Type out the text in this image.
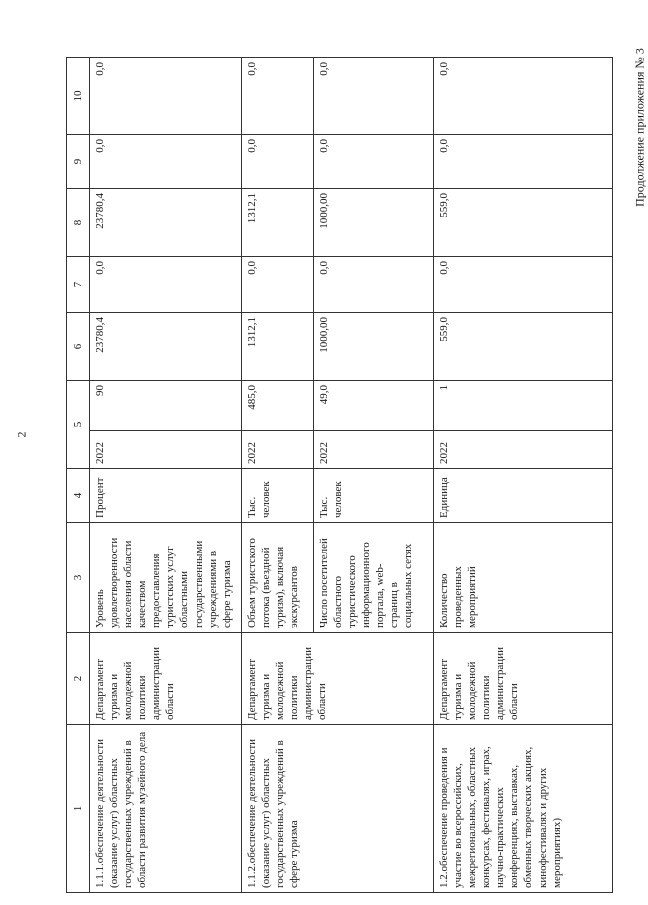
2
Продолжение приложения № 3
1	2	3	4	5		6	7	8	9	10
1.1.1.обеспечение деятельности (оказание услуг) областных государственных учреждений в области развития музейного дела	Департамент туризма и молодежной политики администрации области	Уровень удовлетворенности населения области качеством предоставления туристских услуг областными государственными учреждениями в сфере туризма	Процент	2022	90	23780,4	0,0	23780,4	0,0	0,0
1.1.2.обеспечение деятельности (оказание услуг) областных государственных учреждений в сфере туризма	Департамент туризма и молодежной политики администрации области	Объем туристского потока (въездной туризм), включая экскурсантов	Тыс. человек	2022	485,0	1312,1	0,0	1312,1	0,0	0,0
		Число посетителей областного туристического информационного портала, web-страниц в социальных сетях	Тыс. человек	2022	49,0	1000,00	0,0	1000,00	0,0	0,0
1.2.обеспечение проведения и участие во всероссийских, межрегиональных, областных конкурсах, фестивалях, играх, научно-практических конференциях, выставках, обменных творческих акциях, кинофестивалях и других мероприятиях)	Департамент туризма и молодежной политики администрации области	Количество проведенных мероприятий	Единица	2022	1	559,0	0,0	559,0	0,0	0,0
